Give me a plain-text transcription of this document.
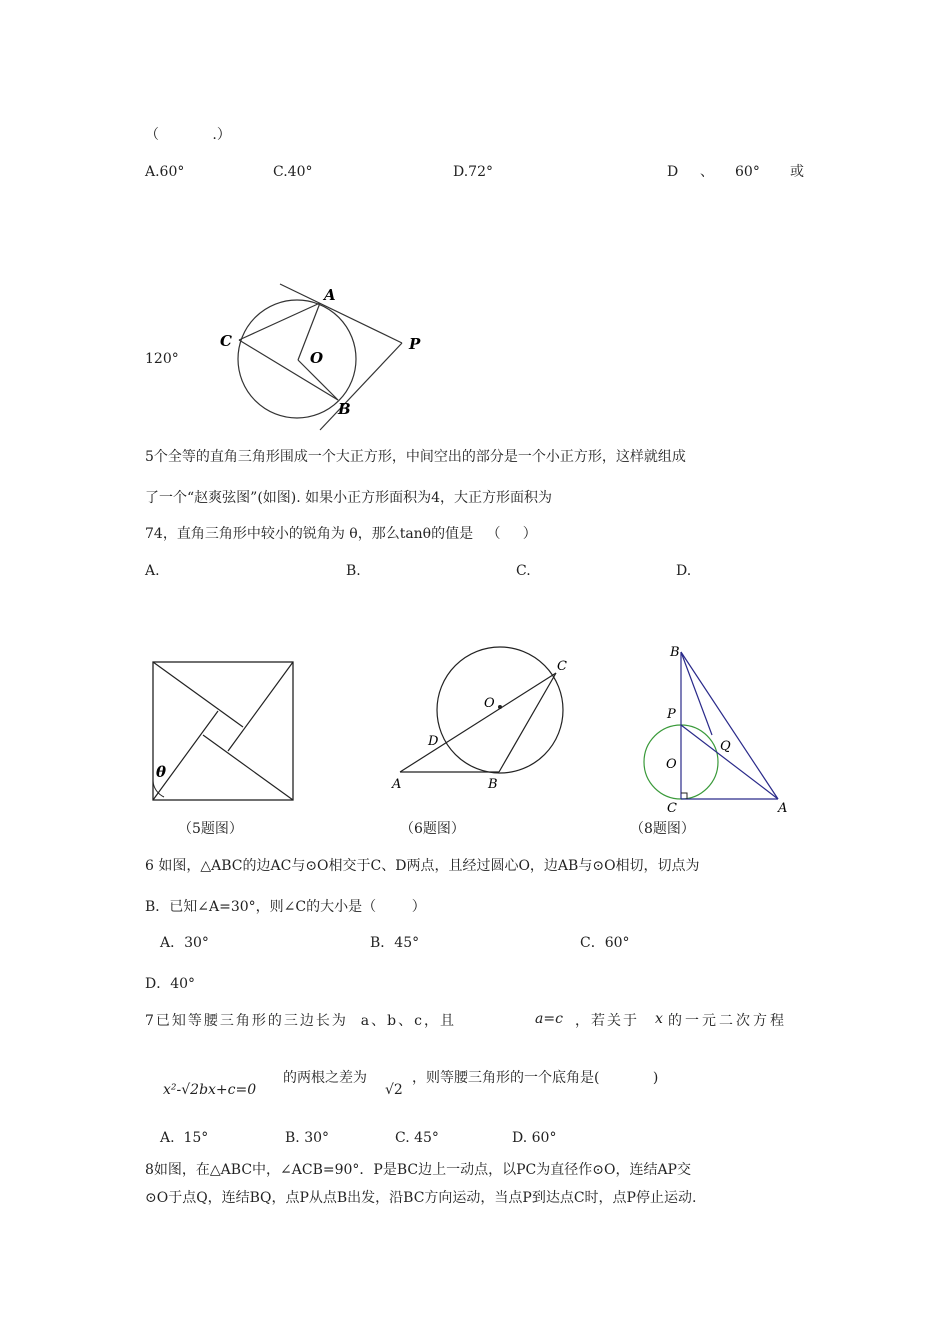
（            .）
A.60°	C.40°	D.72°	D 、 60° 或
120°
A
C
O
P
B
5个全等的直角三角形围成一个大正方形，中间空出的部分是一个小正方形，这样就组成
了一个“赵爽弦图”(如图). 如果小正方形面积为4，大正方形面积为
74，直角三角形中较小的锐角为 θ，那么tanθ的值是   （     ）
A.	B.	C.	D.
θ
（5题图）
O
C
D
A	B
（6题图）
B
P
Q
O
C	A
（8题图）
6 如图，△ABC的边AC与⊙O相交于C、D两点，且经过圆心O，边AB与⊙O相切，切点为
B．已知∠A=30°，则∠C的大小是（        ）
A．30°	B．45°	C．60°
D．40°
7已知等腰三角形的三边长为  a、b、c，且	a=c ，若关于 x 的一元二次方程
x²-√2bx+c=0
的两根之差为
√2
，则等腰三角形的一个底角是(            )
A.  15°	B. 30°	C. 45°	D. 60°
8如图，在△ABC中，∠ACB=90°．P是BC边上一动点，以PC为直径作⊙O，连结AP交
⊙O于点Q，连结BQ，点P从点B出发，沿BC方向运动，当点P到达点C时，点P停止运动.
